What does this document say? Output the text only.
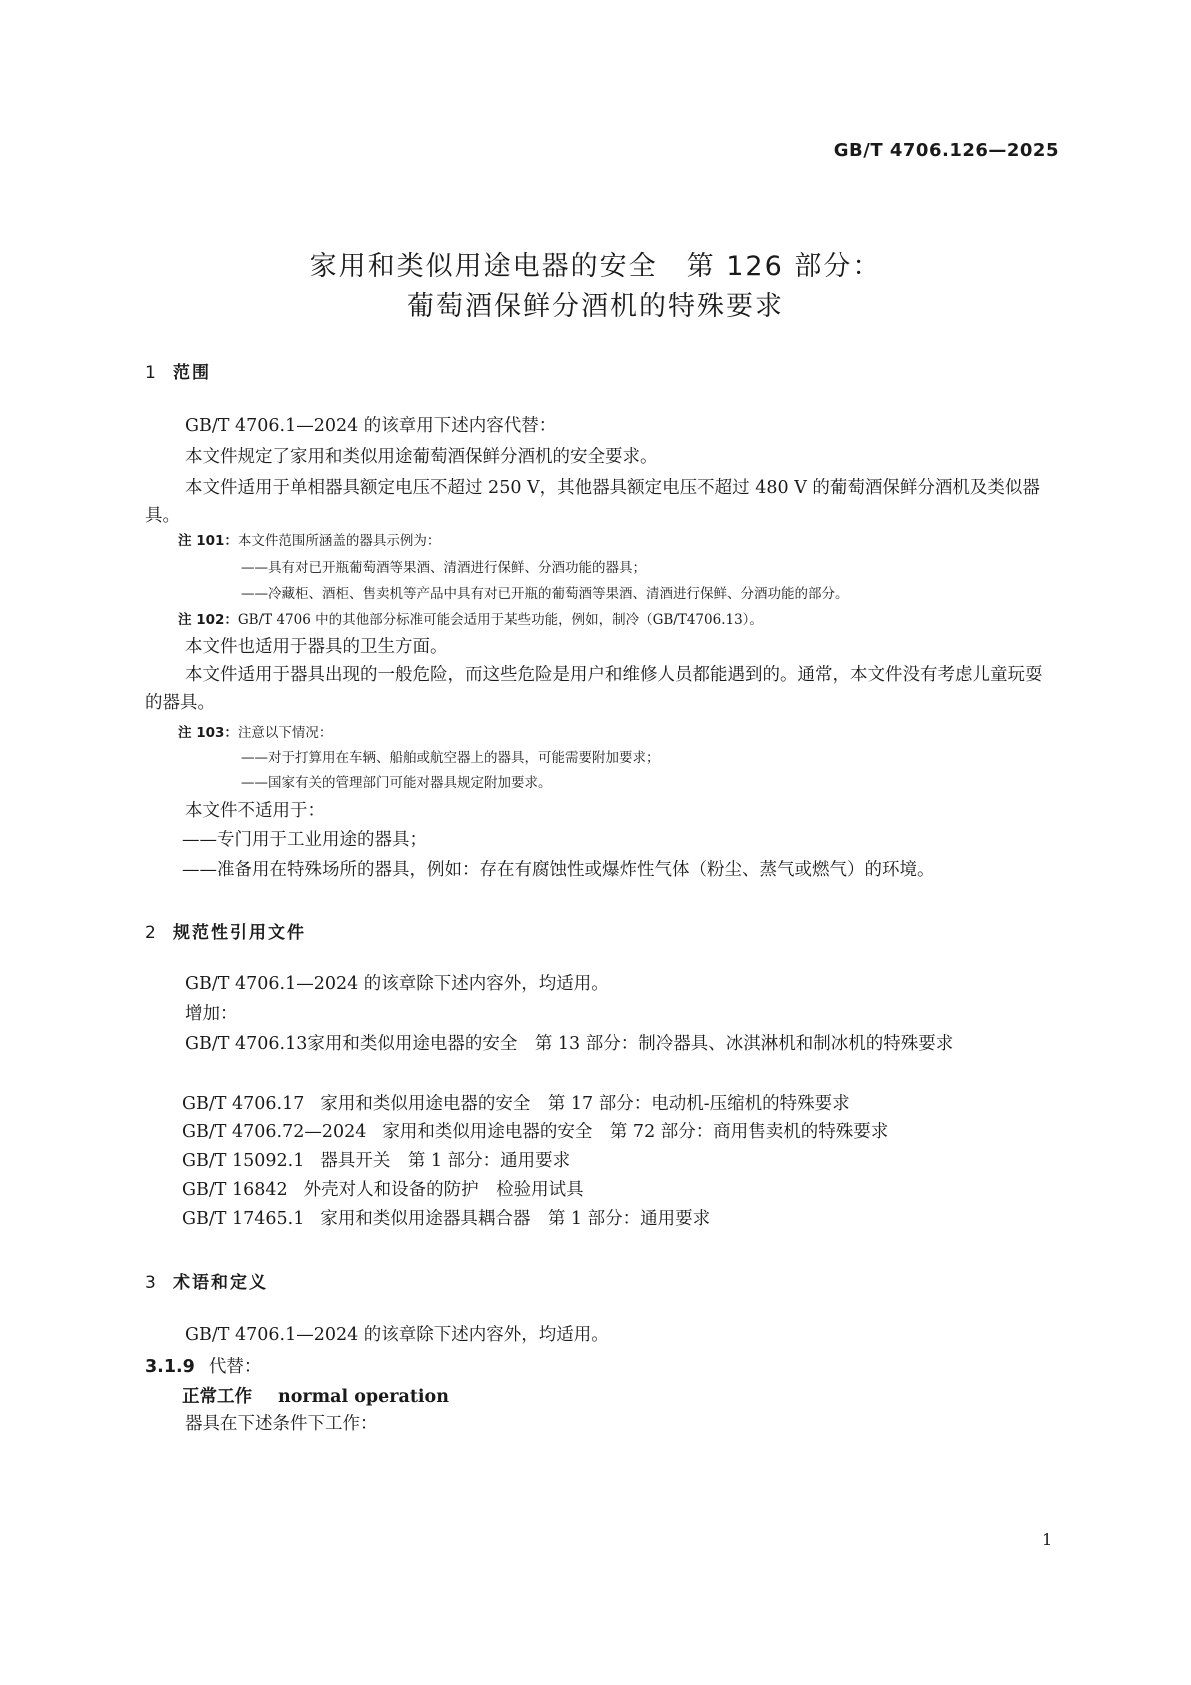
GB/T 4706.126—2025
家用和类似用途电器的安全　第 126 部分：
葡萄酒保鲜分酒机的特殊要求
1 范围
GB/T 4706.1—2024 的该章用下述内容代替：
本文件规定了家用和类似用途葡萄酒保鲜分酒机的安全要求。
本文件适用于单相器具额定电压不超过 250 V，其他器具额定电压不超过 480 V 的葡萄酒保鲜分酒机及类似器具。
注 101：本文件范围所涵盖的器具示例为：
——具有对已开瓶葡萄酒等果酒、清酒进行保鲜、分酒功能的器具；
——冷藏柜、酒柜、售卖机等产品中具有对已开瓶的葡萄酒等果酒、清酒进行保鲜、分酒功能的部分。
注 102：GB/T 4706 中的其他部分标准可能会适用于某些功能，例如，制冷（GB/T4706.13）。
本文件也适用于器具的卫生方面。
本文件适用于器具出现的一般危险，而这些危险是用户和维修人员都能遇到的。通常，本文件没有考虑儿童玩耍的器具。
注 103：注意以下情况：
——对于打算用在车辆、船舶或航空器上的器具，可能需要附加要求；
——国家有关的管理部门可能对器具规定附加要求。
本文件不适用于：
——专门用于工业用途的器具；
——准备用在特殊场所的器具，例如：存在有腐蚀性或爆炸性气体（粉尘、蒸气或燃气）的环境。
2 规范性引用文件
GB/T 4706.1—2024 的该章除下述内容外，均适用。
增加：
GB/T 4706.13家用和类似用途电器的安全　第 13 部分：制冷器具、冰淇淋机和制冰机的特殊要求
GB/T 4706.17 家用和类似用途电器的安全　第 17 部分：电动机-压缩机的特殊要求
GB/T 4706.72—2024 家用和类似用途电器的安全　第 72 部分：商用售卖机的特殊要求
GB/T 15092.1 器具开关　第 1 部分：通用要求
GB/T 16842 外壳对人和设备的防护　检验用试具
GB/T 17465.1 家用和类似用途器具耦合器　第 1 部分：通用要求
3 术语和定义
GB/T 4706.1—2024 的该章除下述内容外，均适用。
3.1.9 代替：
正常工作 normal operation
器具在下述条件下工作：
1
